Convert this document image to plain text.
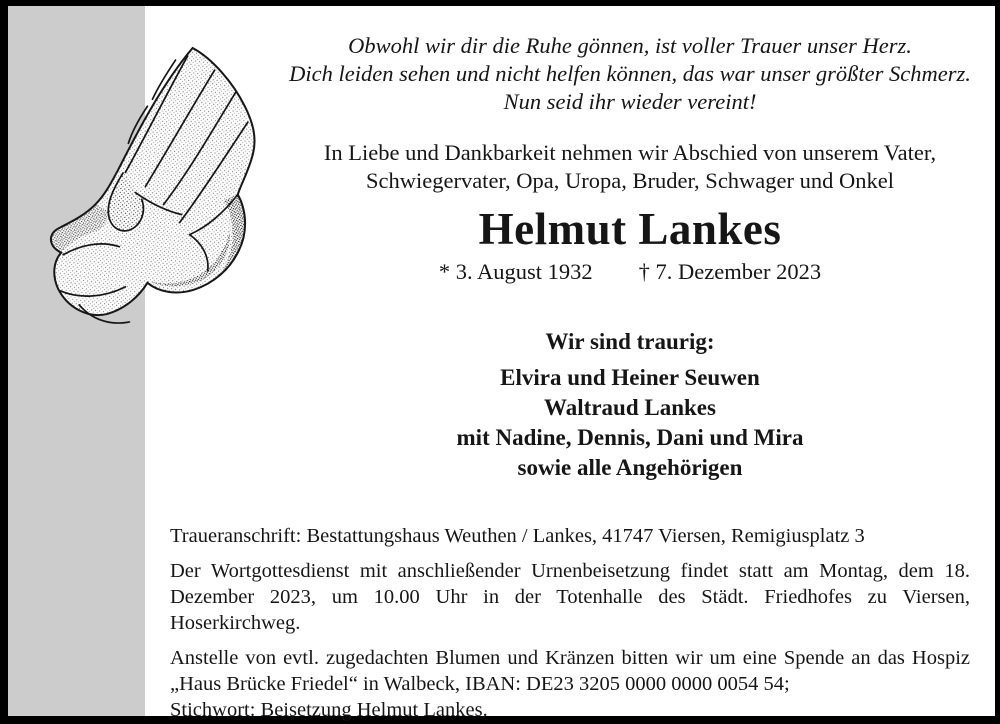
Obwohl wir dir die Ruhe gönnen, ist voller Trauer unser Herz.
Dich leiden sehen und nicht helfen können, das war unser größter Schmerz.
Nun seid ihr wieder vereint!
In Liebe und Dankbarkeit nehmen wir Abschied von unserem Vater,
Schwiegervater, Opa, Uropa, Bruder, Schwager und Onkel
Helmut Lankes
* 3. August 1932 † 7. Dezember 2023
Wir sind traurig:
Elvira und Heiner Seuwen
Waltraud Lankes
mit Nadine, Dennis, Dani und Mira
sowie alle Angehörigen

Traueranschrift: Bestattungshaus Weuthen / Lankes, 41747 Viersen, Remigiusplatz 3

Der Wortgottesdienst mit anschließender Urnenbeisetzung findet statt am Montag, dem 18. Dezember 2023, um 10.00 Uhr in der Totenhalle des Städt. Friedhofes zu Viersen, Hoserkirchweg.

Anstelle von evtl. zugedachten Blumen und Kränzen bitten wir um eine Spende an das Hospiz „Haus Brücke Friedel“ in Walbeck, IBAN: DE23 3205 0000 0000 0054 54;
Stichwort: Beisetzung Helmut Lankes.
